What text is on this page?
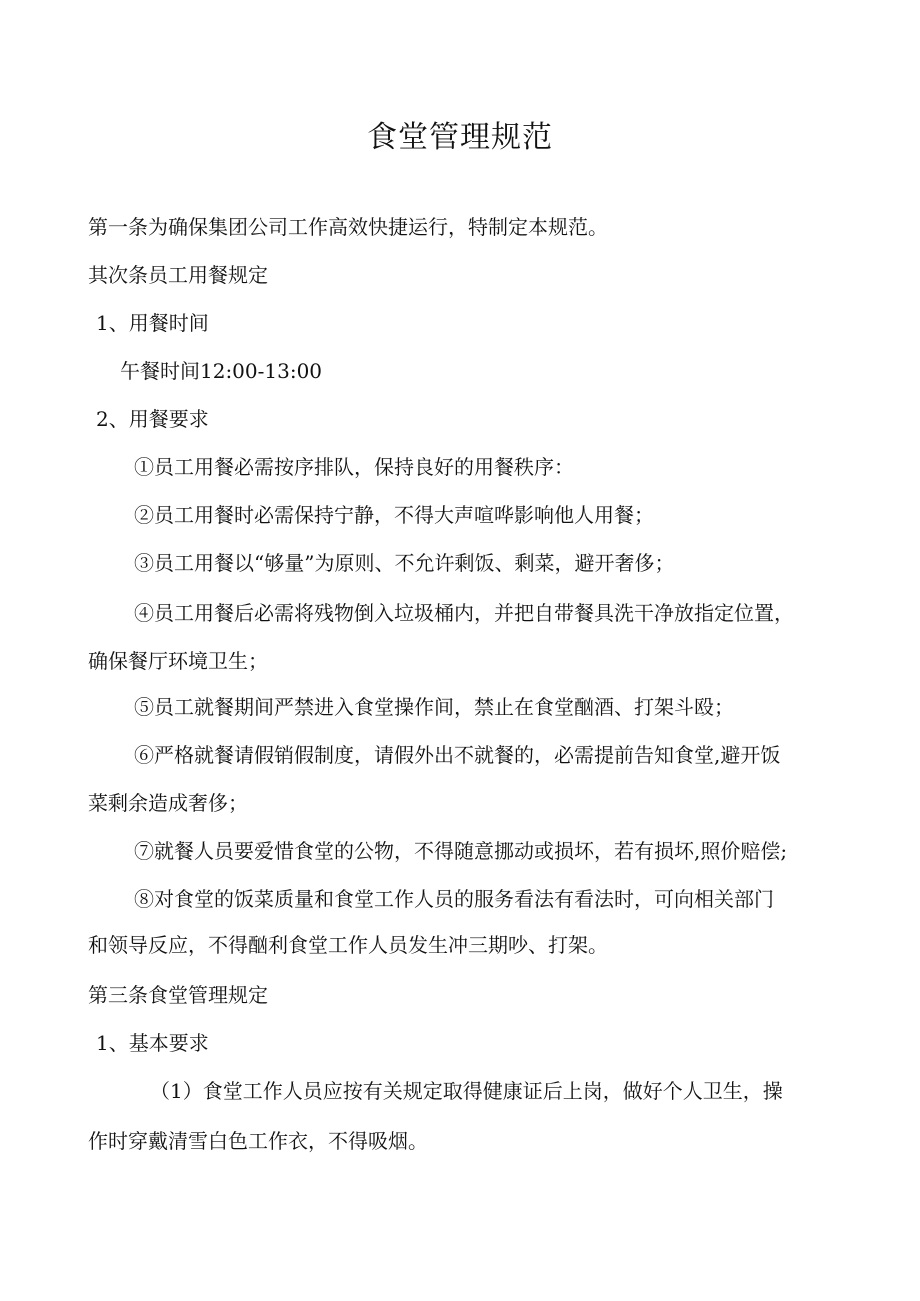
食堂管理规范
第一条为确保集团公司工作高效快捷运行，特制定本规范。
其次条员工用餐规定
1、用餐时间
午餐时间12:00-13:00
2、用餐要求
①员工用餐必需按序排队，保持良好的用餐秩序：
②员工用餐时必需保持宁静，不得大声喧哗影响他人用餐；
③员工用餐以“够量”为原则、不允许剩饭、剩菜，避开奢侈；
④员工用餐后必需将残物倒入垃圾桶内，并把自带餐具洗干净放指定位置，
确保餐厅环境卫生；
⑤员工就餐期间严禁进入食堂操作间，禁止在食堂酗酒、打架斗殴；
⑥严格就餐请假销假制度，请假外出不就餐的，必需提前告知食堂,避开饭
菜剩余造成奢侈；
⑦就餐人员要爱惜食堂的公物，不得随意挪动或损坏，若有损坏,照价赔偿;
⑧对食堂的饭菜质量和食堂工作人员的服务看法有看法时，可向相关部门
和领导反应，不得酗利食堂工作人员发生冲三期吵、打架。
第三条食堂管理规定
1、基本要求
（1）食堂工作人员应按有关规定取得健康证后上岗，做好个人卫生，操
作时穿戴清雪白色工作衣，不得吸烟。
